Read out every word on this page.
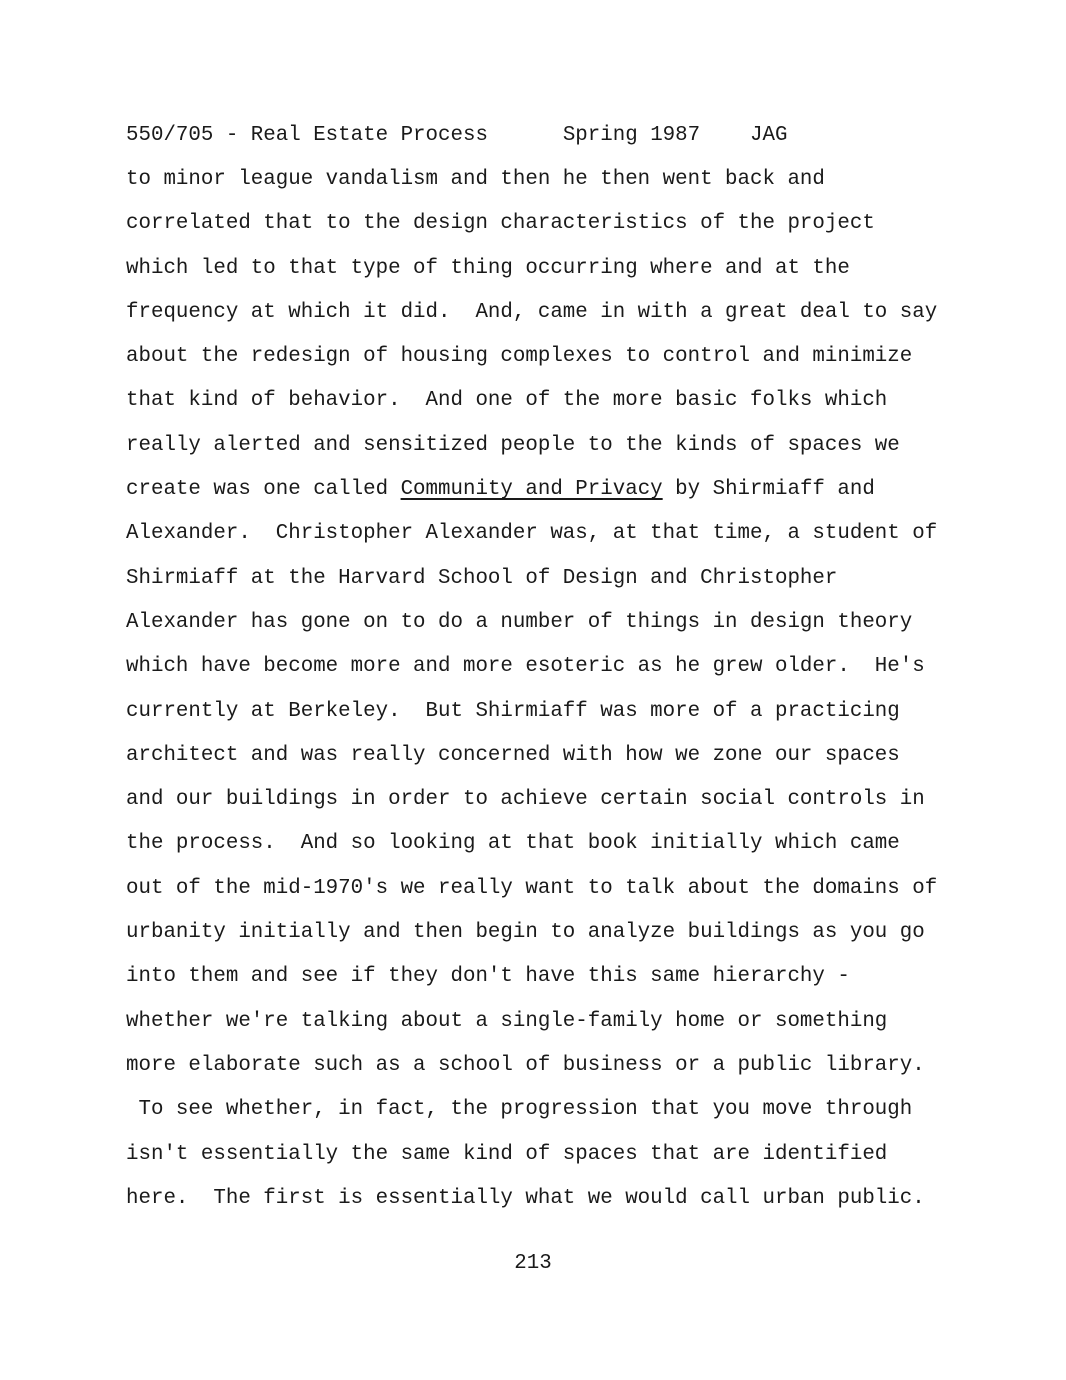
550/705 - Real Estate Process	Spring 1987 JAG
to minor league vandalism and then he then went back and
correlated that to the design characteristics of the project
which led to that type of thing occurring where and at the
frequency at which it did.  And, came in with a great deal to say
about the redesign of housing complexes to control and minimize
that kind of behavior.  And one of the more basic folks which
really alerted and sensitized people to the kinds of spaces we
create was one called Community and Privacy by Shirmiaff and
Alexander.  Christopher Alexander was, at that time, a student of
Shirmiaff at the Harvard School of Design and Christopher
Alexander has gone on to do a number of things in design theory
which have become more and more esoteric as he grew older.  He's
currently at Berkeley.  But Shirmiaff was more of a practicing
architect and was really concerned with how we zone our spaces
and our buildings in order to achieve certain social controls in
the process.  And so looking at that book initially which came
out of the mid-1970's we really want to talk about the domains of
urbanity initially and then begin to analyze buildings as you go
into them and see if they don't have this same hierarchy -
whether we're talking about a single-family home or something
more elaborate such as a school of business or a public library.
To see whether, in fact, the progression that you move through
isn't essentially the same kind of spaces that are identified
here.  The first is essentially what we would call urban public.
213
